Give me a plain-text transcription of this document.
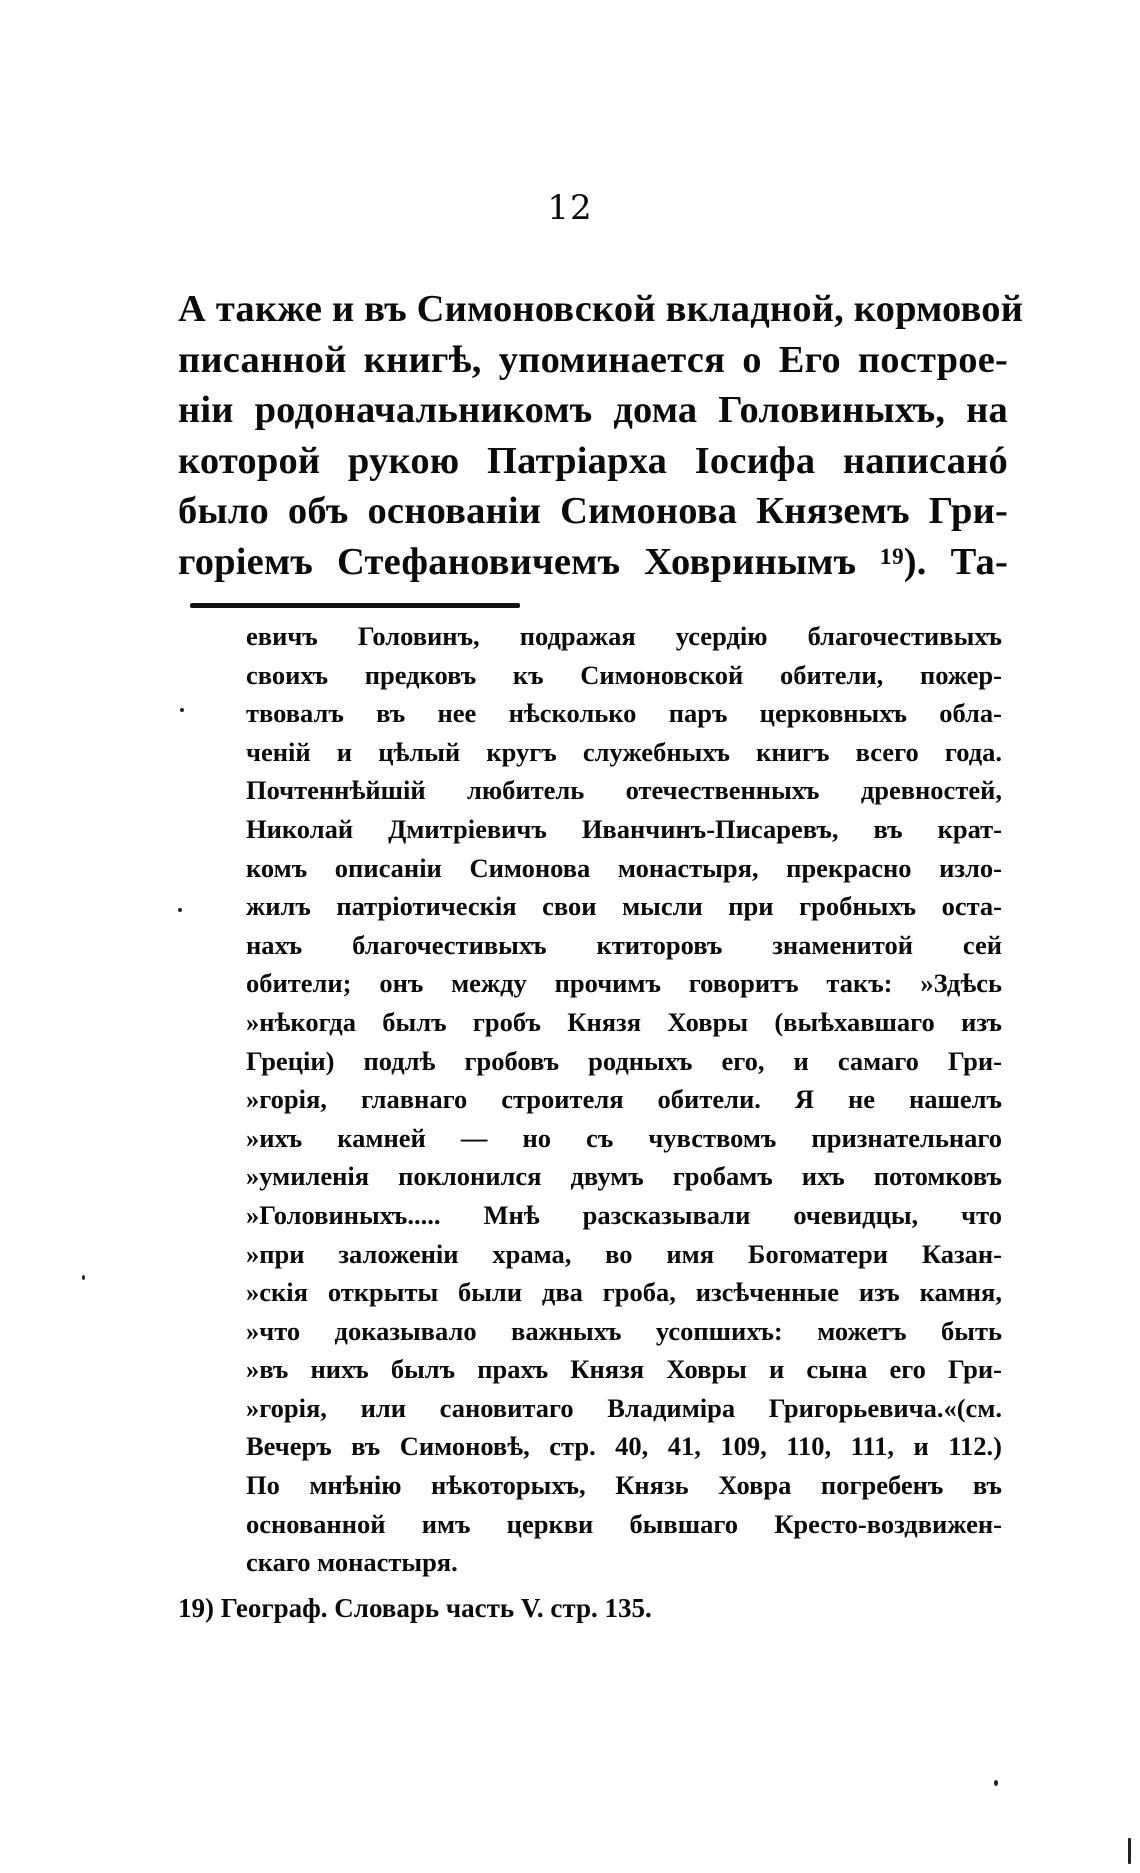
12
А также и въ Симоновской вкладной, кормовой
писанной книгѣ, упоминается о Его построе-
ніи родоначальникомъ дома Головиныхъ, на
которой рукою Патріарха Іосифа написанó
было объ основаніи Симонова Княземъ Гри-
горіемъ Стефановичемъ Ховринымъ ¹⁹). Та-
евичъ Головинъ, подражая усердію благочестивыхъ
своихъ предковъ къ Симоновской обители, пожер-
твовалъ въ нее нѣсколько паръ церковныхъ обла-
ченій и цѣлый кругъ служебныхъ книгъ всего года.
Почтеннѣйшій любитель отечественныхъ древностей,
Николай Дмитріевичъ Иванчинъ-Писаревъ, въ крат-
комъ описаніи Симонова монастыря, прекрасно изло-
жилъ патріотическія свои мысли при гробныхъ оста-
нахъ благочестивыхъ ктиторовъ знаменитой сей
обители; онъ между прочимъ говоритъ такъ: »Здѣсь
»нѣкогда былъ гробъ Князя Ховры (выѣхавшаго изъ
Греціи) подлѣ гробовъ родныхъ его, и самаго Гри-
»горія, главнаго строителя обители. Я не нашелъ
»ихъ камней — но съ чувствомъ признательнаго
»умиленія поклонился двумъ гробамъ ихъ потомковъ
»Головиныхъ..... Мнѣ разсказывали очевидцы, что
»при заложеніи храма, во имя Богоматери Казан-
»скія открыты были два гроба, изсѣченные изъ камня,
»что доказывало важныхъ усопшихъ: можетъ быть
»въ нихъ былъ прахъ Князя Ховры и сына его Гри-
»горія, или сановитаго Владиміра Григорьевича.«(см.
Вечеръ въ Симоновѣ, стр. 40, 41, 109, 110, 111, и 112.)
По мнѣнію нѣкоторыхъ, Князь Ховра погребенъ въ
основанной имъ церкви бывшаго Кресто-воздвижен-
скаго монастыря.
19) Географ. Словарь часть V. стр. 135.
